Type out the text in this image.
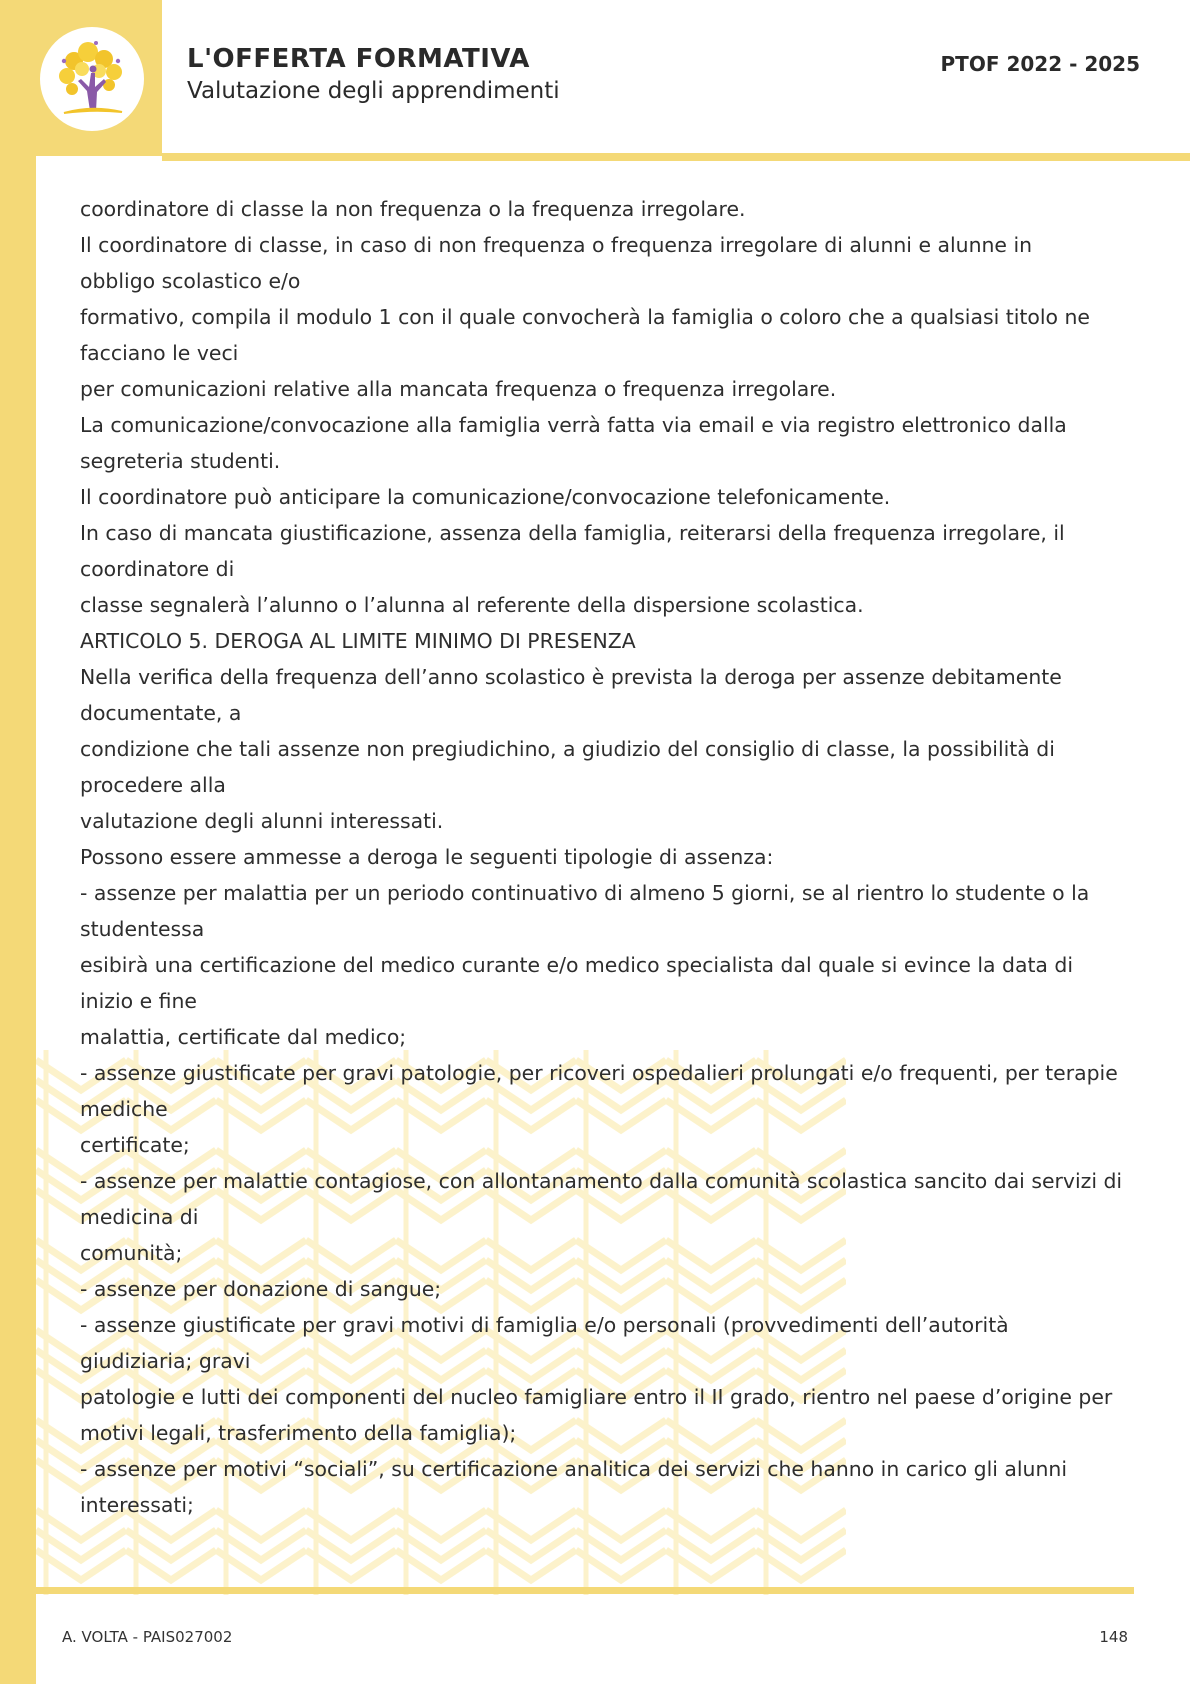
L'OFFERTA FORMATIVA
Valutazione degli apprendimenti
PTOF 2022 - 2025
coordinatore di classe la non frequenza o la frequenza irregolare.
Il coordinatore di classe, in caso di non frequenza o frequenza irregolare di alunni e alunne in
obbligo scolastico e/o
formativo, compila il modulo 1 con il quale convocherà la famiglia o coloro che a qualsiasi titolo ne
facciano le veci
per comunicazioni relative alla mancata frequenza o frequenza irregolare.
La comunicazione/convocazione alla famiglia verrà fatta via email e via registro elettronico dalla
segreteria studenti.
Il coordinatore può anticipare la comunicazione/convocazione telefonicamente.
In caso di mancata giustificazione, assenza della famiglia, reiterarsi della frequenza irregolare, il
coordinatore di
classe segnalerà l’alunno o l’alunna al referente della dispersione scolastica.
ARTICOLO 5. DEROGA AL LIMITE MINIMO DI PRESENZA
Nella verifica della frequenza dell’anno scolastico è prevista la deroga per assenze debitamente
documentate, a
condizione che tali assenze non pregiudichino, a giudizio del consiglio di classe, la possibilità di
procedere alla
valutazione degli alunni interessati.
Possono essere ammesse a deroga le seguenti tipologie di assenza:
- assenze per malattia per un periodo continuativo di almeno 5 giorni, se al rientro lo studente o la
studentessa
esibirà una certificazione del medico curante e/o medico specialista dal quale si evince la data di
inizio e fine
malattia, certificate dal medico;
- assenze giustificate per gravi patologie, per ricoveri ospedalieri prolungati e/o frequenti, per terapie
mediche
certificate;
- assenze per malattie contagiose, con allontanamento dalla comunità scolastica sancito dai servizi di
medicina di
comunità;
- assenze per donazione di sangue;
- assenze giustificate per gravi motivi di famiglia e/o personali (provvedimenti dell’autorità
giudiziaria; gravi
patologie e lutti dei componenti del nucleo famigliare entro il II grado, rientro nel paese d’origine per
motivi legali, trasferimento della famiglia);
- assenze per motivi “sociali”, su certificazione analitica dei servizi che hanno in carico gli alunni
interessati;
A. VOLTA - PAIS027002	148
